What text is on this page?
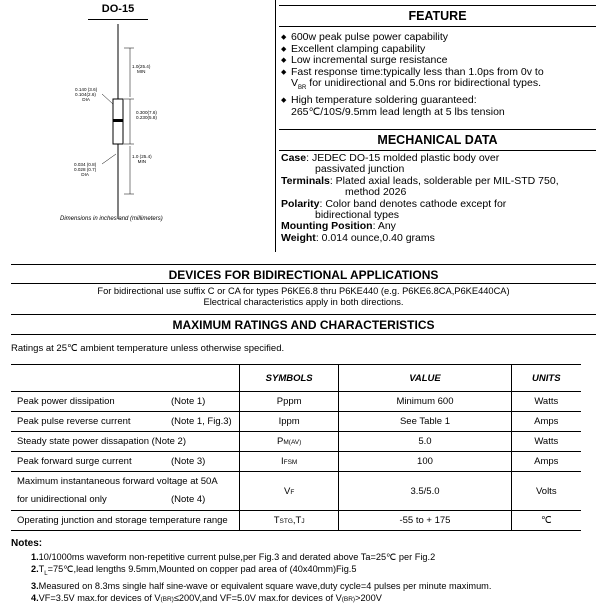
DO-15
1.0(25.4)
MIN
0.140 (3.6)
0.104(2.6)
DIA
0.300(7.6)
0.230(5.8)
1.0 (25.4)
MIN
0.034 (0.8)
0.028 (0.7)
DIA
Dimensions in inches and (millimeters)
FEATURE
◆ 600w peak pulse power capability
◆ Excellent clamping capability
◆ Low incremental surge resistance
◆ Fast response time:typically less than 1.0ps from 0v to
$V_{BR}$ for unidirectional and 5.0ns ror bidirectional types.
◆ High temperature soldering guaranteed:
265℃/10S/9.5mm lead length at 5 lbs tension
MECHANICAL DATA
Case: JEDEC DO-15 molded plastic body over
passivated junction
Terminals: Plated axial leads, solderable per MIL-STD 750,
method 2026
Polarity: Color band denotes cathode except for
bidirectional types
Mounting Position: Any
Weight: 0.014 ounce,0.40 grams
DEVICES FOR BIDIRECTIONAL APPLICATIONS
For bidirectional use suffix C or CA for types P6KE6.8 thru P6KE440 (e.g. P6KE6.8CA,P6KE440CA)
Electrical characteristics apply in both directions.
MAXIMUM RATINGS AND CHARACTERISTICS
Ratings at 25℃ ambient temperature unless otherwise specified.
	SYMBOLS	VALUE	UNITS
Peak power dissipation (Note 1)	Pppm	Minimum 600	Watts
Peak pulse reverse current (Note 1, Fig.3)	Ippm	See Table 1	Amps
Steady state power dissapation (Note 2)	PM(AV)	5.0	Watts
Peak forward surge current (Note 3)	IFSM	100	Amps

Maximum instantaneous forward voltage at 50A
for unidirectional only (Note 4)	VF	3.5/5.0	Volts
Operating junction and storage temperature range	TSTG,TJ	-55 to + 175	℃
Notes:
1.10/1000ms waveform non-repetitive current pulse,per Fig.3 and derated above Ta=25℃ per Fig.2
$2.T_L=75℃,lead$ lengths 9.5mm,Mounted on copper pad area of (40x40mm)Fig.5
3.Measured on 8.3ms single half sine-wave or equivalent square wave,duty cycle=4 pulses per minute maximum.
4.VF=3.5V max.for devices of V(BR)≤200V,and VF=5.0V max.for devices of V(BR)>200V
